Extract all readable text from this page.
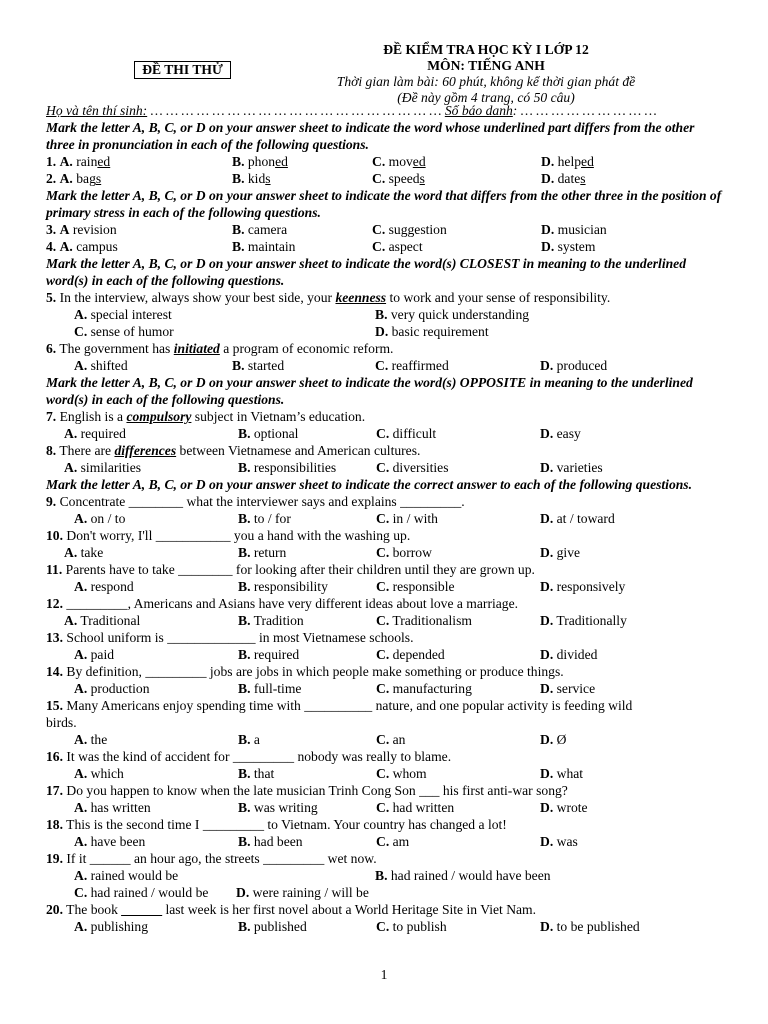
ĐỀ THI THỬ
ĐỀ KIỂM TRA HỌC KỲ I LỚP 12
MÔN: TIẾNG ANH
Thời gian làm bài: 60 phút, không kể thời gian phát đề
(Đề này gồm 4 trang, có 50 câu)
Họ và tên thí sinh: … … … … … … … … … … … … … … … … … … … Số báo danh: … … … … … … … … …
Mark the letter A, B, C, or D on your answer sheet to indicate the word whose underlined part differs from the other three in pronunciation in each of the following questions.
1. A. rained	B. phoned	C. moved	D. helped
2. A. bags	B. kids	C. speeds	D. dates
Mark the letter A, B, C, or D on your answer sheet to indicate the word that differs from the other three in the position of primary stress in each of the following questions.
3. A revision	B. camera	C. suggestion	D. musician
4. A. campus	B. maintain	C. aspect	D. system
Mark the letter A, B, C, or D on your answer sheet to indicate the word(s) CLOSEST in meaning to the underlined word(s) in each of the following questions.
5. In the interview, always show your best side, your keenness to work and your sense of responsibility.
A. special interest	B. very quick understanding
C. sense of humor	D. basic requirement
6. The government has initiated a program of economic reform.
A. shifted	B. started	C. reaffirmed	D. produced
Mark the letter A, B, C, or D on your answer sheet to indicate the word(s) OPPOSITE in meaning to the underlined word(s) in each of the following questions.
7. English is a compulsory subject in Vietnam’s education.
A. required	B. optional	C. difficult	D. easy
8. There are differences between Vietnamese and American cultures.
A. similarities	B. responsibilities	C. diversities	D. varieties
Mark the letter A, B, C, or D on your answer sheet to indicate the correct answer to each of the following questions.
9. Concentrate ________ what the interviewer says and explains _________.
A. on / to	B. to / for	C. in / with	D. at / toward
10. Don't worry, I'll ___________ you a hand with the washing up.
A. take	B. return	C. borrow	D. give
11. Parents have to take ________ for looking after their children until they are grown up.
A. respond	B. responsibility	C. responsible	D. responsively
12. _________, Americans and Asians have very different ideas about love a marriage.
A. Traditional	B. Tradition	C. Traditionalism	D. Traditionally
13. School uniform is _____________ in most Vietnamese schools.
A. paid	B. required	C. depended	D. divided
14. By definition, _________ jobs are jobs in which people make something or produce things.
A. production	B. full-time	C. manufacturing	D. service
15. Many Americans enjoy spending time with __________ nature, and one popular activity is feeding wild
birds.
A. the	B. a	C. an	D. Ø
16. It was the kind of accident for _________ nobody was really to blame.
A. which	B. that	C. whom	D. what
17. Do you happen to know when the late musician Trinh Cong Son ___ his first anti-war song?
A. has written	B. was writing	C. had written	D. wrote
18. This is the second time I _________ to Vietnam. Your country has changed a lot!
A. have been	B. had been	C. am	D. was
19. If it ______ an hour ago, the streets _________ wet now.
A. rained would be	B. had rained / would have been
C. had rained / would be D. were raining / will be
20. The book ______ last week is her first novel about a World Heritage Site in Viet Nam.
A. publishing	B. published	C. to publish	D. to be published
1
